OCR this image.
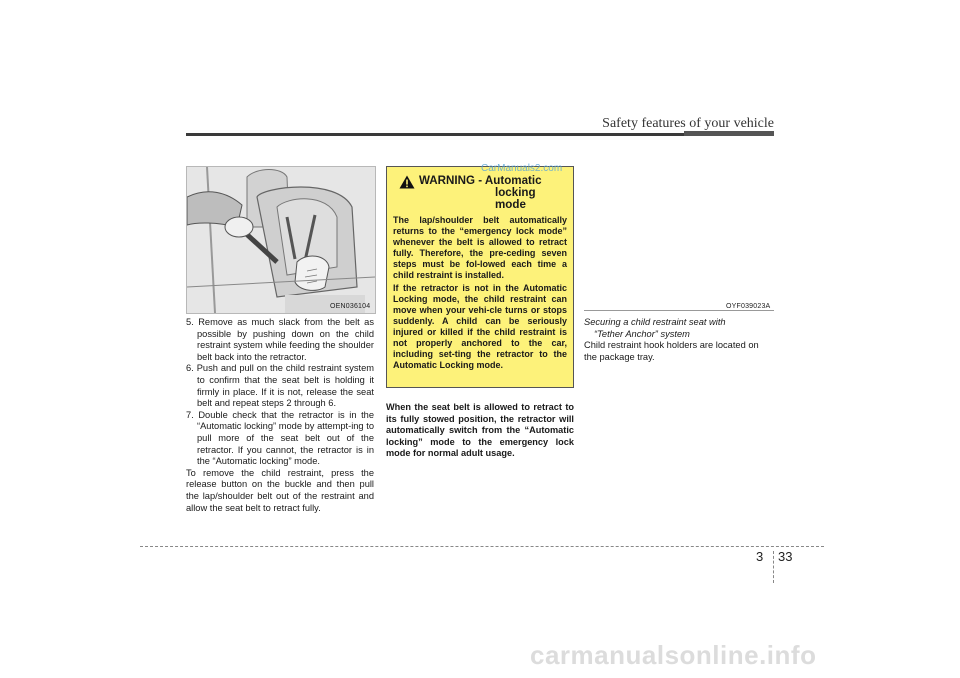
Safety features of your vehicle
OEN036104
5. Remove as much slack from the belt as possible by pushing down on the child restraint system while feeding the shoulder belt back into the retractor.
6. Push and pull on the child restraint system to confirm that the seat belt is holding it firmly in place. If it is not, release the seat belt and repeat steps 2 through 6.
7. Double check that the retractor is in the “Automatic locking” mode by attempt-ing to pull more of the seat belt out of the retractor. If you cannot, the retractor is in the “Automatic locking” mode.

To remove the child restraint, press the release button on the buckle and then pull the lap/shoulder belt out of the restraint and allow the seat belt to retract fully.

WARNING - Automatic
locking mode

The lap/shoulder belt automatically returns to the “emergency lock mode” whenever the belt is allowed to retract fully. Therefore, the pre-ceding seven steps must be fol-lowed each time a child restraint is installed.

If the retractor is not in the Automatic Locking mode, the child restraint can move when your vehi-cle turns or stops suddenly. A child can be seriously injured or killed if the child restraint is not properly anchored to the car, including set-ting the retractor to the Automatic Locking mode.

CarManuals2.com

When the seat belt is allowed to retract to its fully stowed position, the retractor will automatically switch from the “Automatic locking” mode to the emergency lock mode for normal adult usage.

OYF039023A

Securing a child restraint seat with
“Tether Anchor” system

Child restraint hook holders are located on the package tray.

3 33
carmanualsonline.info
